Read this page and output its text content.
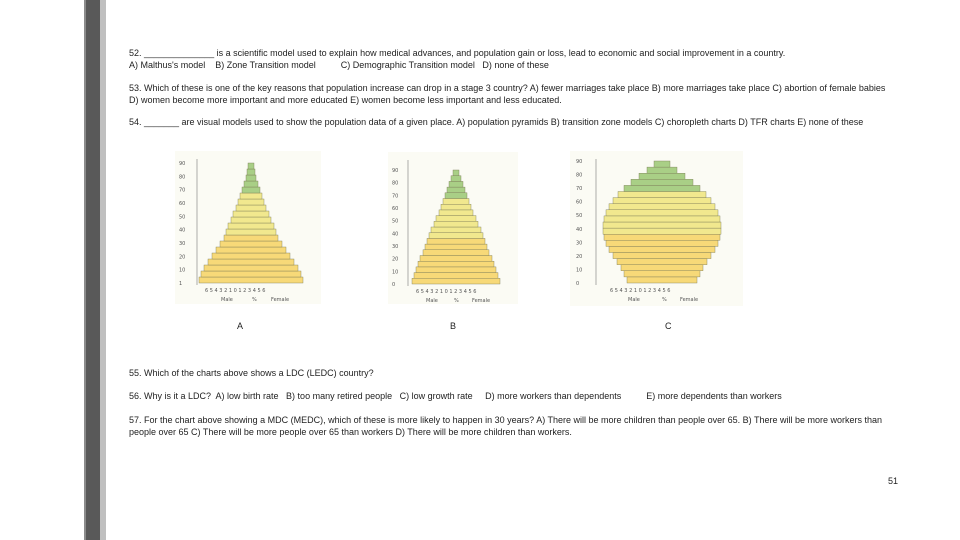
52. ______________ is a scientific model used to explain how medical advances, and population gain or loss, lead to economic and social improvement in a country.
A) Malthus's model    B) Zone Transition model          C) Demographic Transition model   D) none of these
53. Which of these is one of the key reasons that population increase can drop in a stage 3 country? A) fewer marriages take place B) more marriages take place C) abortion of female babies D) women become more important and more educated E) women become less important and less educated.
54. _______ are visual models used to show the population data of a given place. A) population pyramids B) transition zone models C) choropleth charts D) TFR charts E) none of these
1
10
20
30
40
50
60
70
80
90
6 5 4 3 2 1 0 1 2 3 4 5 6
Male	%	Female
0
10
20
30
40
50
60
70
80
90
6 5 4 3 2 1 0 1 2 3 4 5 6
Male	%	Female
0
10
20
30
40
50
60
70
80
90
6 5 4 3 2 1 0 1 2 3 4 5 6
Male	%	Female
A	B	C
55. Which of the charts above shows a LDC (LEDC) country?
56. Why is it a LDC?  A) low birth rate   B) too many retired people   C) low growth rate     D) more workers than dependents          E) more dependents than workers
57. For the chart above showing a MDC (MEDC), which of these is more likely to happen in 30 years? A) There will be more children than people over 65. B) There will be more workers than people over 65 C) There will be more people over 65 than workers D) There will be more children than workers.
51
